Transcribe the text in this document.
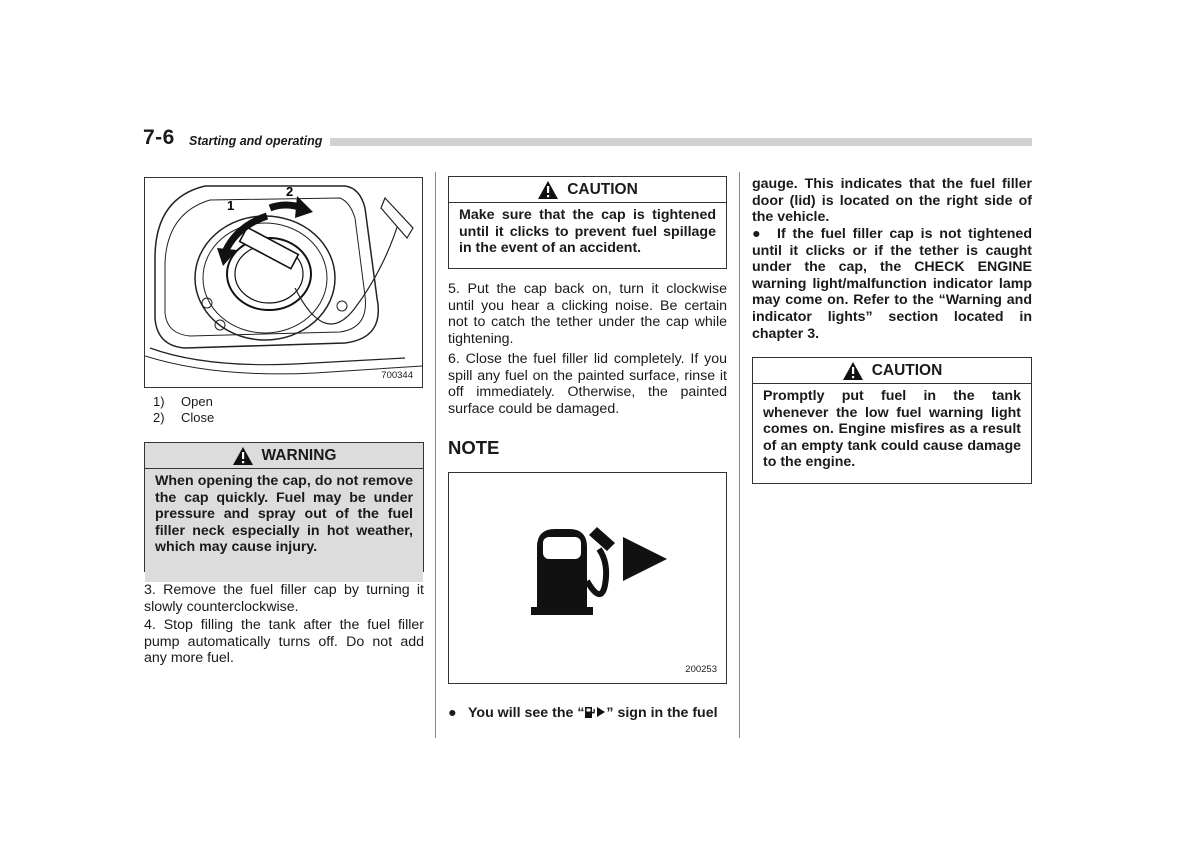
7-6 Starting and operating
1
2
700344
1) Open
2) Close
WARNING
When opening the cap, do not remove the cap quickly. Fuel may be under pressure and spray out of the fuel filler neck especially in hot weather, which may cause injury.
3. Remove the fuel filler cap by turning it slowly counterclockwise.
4. Stop filling the tank after the fuel filler pump automatically turns off. Do not add any more fuel.
CAUTION
Make sure that the cap is tightened until it clicks to prevent fuel spillage in the event of an accident.
5. Put the cap back on, turn it clockwise until you hear a clicking noise. Be certain not to catch the tether under the cap while tightening.
6. Close the fuel filler lid completely. If you spill any fuel on the painted surface, rinse it off immediately. Otherwise, the painted surface could be damaged.
NOTE
200253
● You will see the “ ” sign in the fuel
gauge. This indicates that the fuel filler door (lid) is located on the right side of the vehicle.
● If the fuel filler cap is not tightened until it clicks or if the tether is caught under the cap, the CHECK ENGINE warning light/malfunction indicator lamp may come on. Refer to the “Warning and indicator lights” section located in chapter 3.
CAUTION
Promptly put fuel in the tank whenever the low fuel warning light comes on. Engine misfires as a result of an empty tank could cause damage to the engine.
